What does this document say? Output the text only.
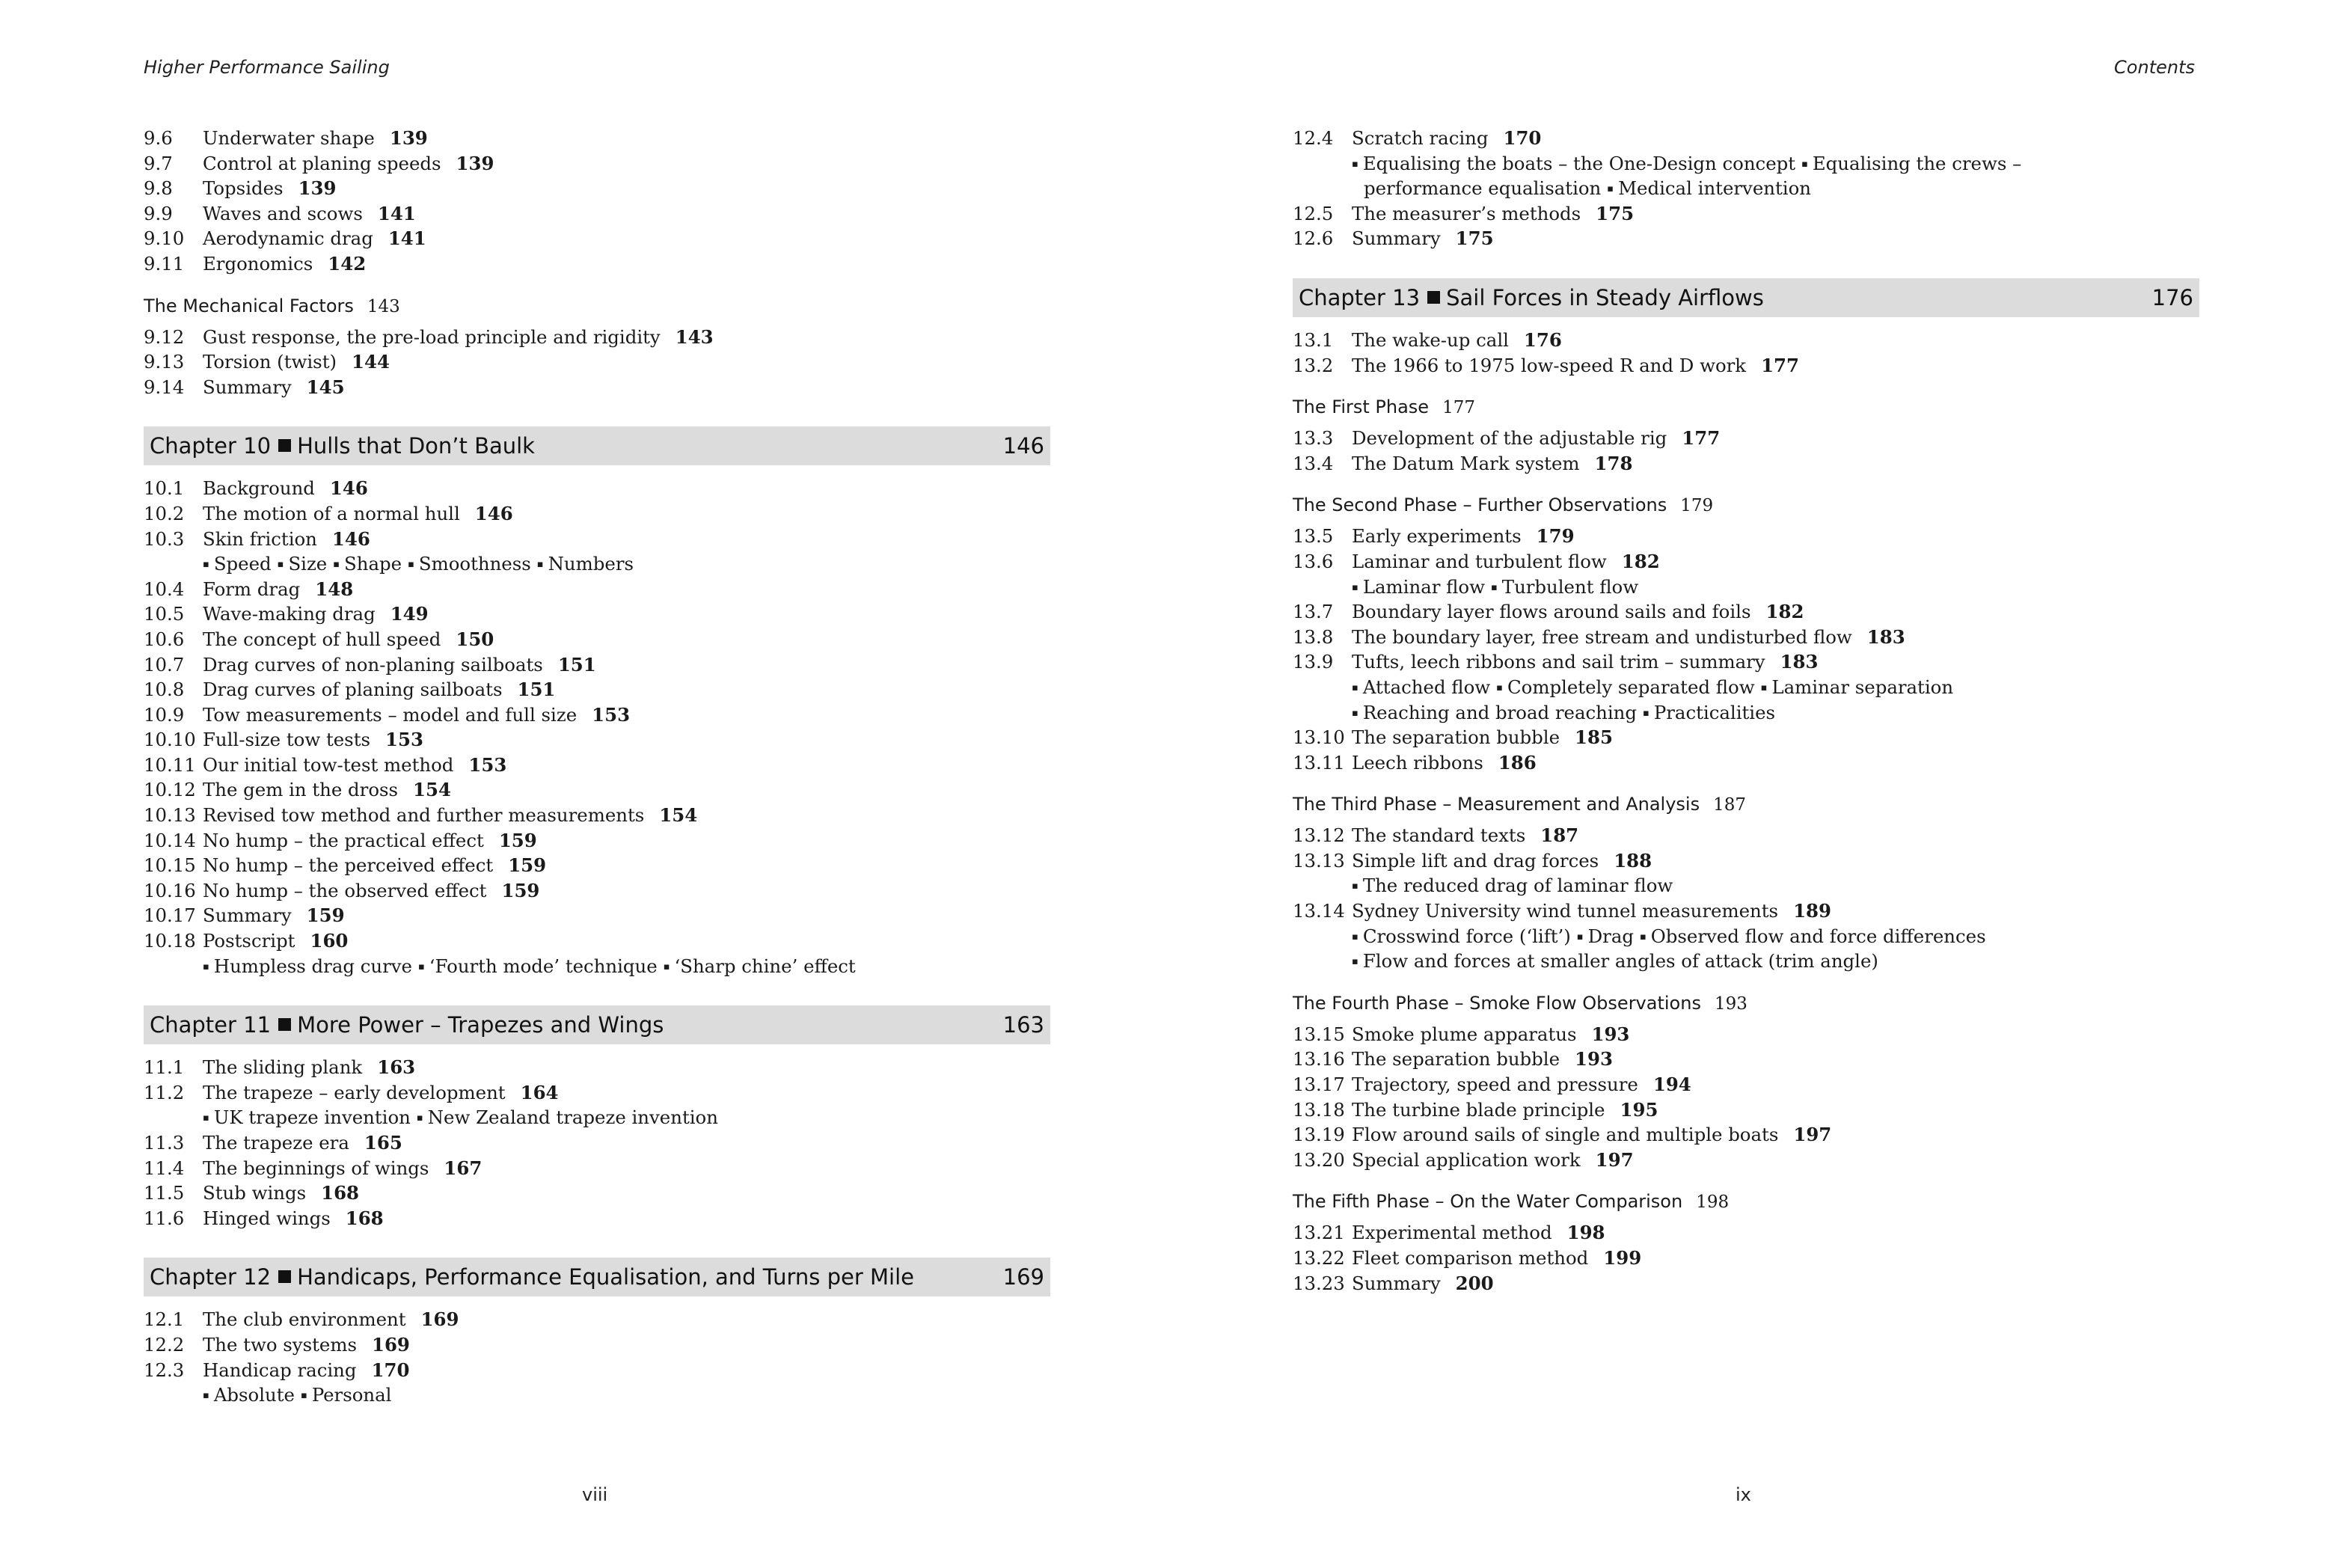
Higher Performance Sailing
9.6	Underwater shape 139
9.7	Control at planing speeds 139
9.8	Topsides 139
9.9	Waves and scows 141
9.10	Aerodynamic drag 141
9.11	Ergonomics 142
The Mechanical Factors 143
9.12	Gust response, the pre-load principle and rigidity 143
9.13	Torsion (twist) 144
9.14	Summary 145
Chapter 10 Hulls that Don’t Baulk	146
10.1	Background 146
10.2	The motion of a normal hull 146
10.3	Skin friction 146
▪ Speed ▪ Size ▪ Shape ▪ Smoothness ▪ Numbers
10.4	Form drag 148
10.5	Wave-making drag 149
10.6	The concept of hull speed 150
10.7	Drag curves of non-planing sailboats 151
10.8	Drag curves of planing sailboats 151
10.9	Tow measurements – model and full size 153
10.10 Full-size tow tests 153
10.11 Our initial tow-test method 153
10.12 The gem in the dross 154
10.13 Revised tow method and further measurements 154
10.14 No hump – the practical effect 159
10.15 No hump – the perceived effect 159
10.16 No hump – the observed effect 159
10.17 Summary 159
10.18 Postscript 160
▪ Humpless drag curve ▪ ‘Fourth mode’ technique ▪ ‘Sharp chine’ effect
Chapter 11 More Power – Trapezes and Wings	163
11.1	The sliding plank 163
11.2	The trapeze – early development 164
▪ UK trapeze invention ▪ New Zealand trapeze invention
11.3	The trapeze era 165
11.4	The beginnings of wings 167
11.5	Stub wings 168
11.6	Hinged wings 168
Chapter 12 Handicaps, Performance Equalisation, and Turns per Mile	169
12.1	The club environment 169
12.2	The two systems 169
12.3	Handicap racing 170
▪ Absolute ▪ Personal
viii
Contents
12.4	Scratch racing 170
▪ Equalising the boats – the One-Design concept ▪ Equalising the crews –
performance equalisation ▪ Medical intervention
12.5	The measurer’s methods 175
12.6	Summary 175
Chapter 13 Sail Forces in Steady Airflows	176
13.1	The wake-up call 176
13.2	The 1966 to 1975 low-speed R and D work 177
The First Phase 177
13.3	Development of the adjustable rig 177
13.4	The Datum Mark system 178
The Second Phase – Further Observations 179
13.5	Early experiments 179
13.6	Laminar and turbulent flow 182
▪ Laminar flow ▪ Turbulent flow
13.7	Boundary layer flows around sails and foils 182
13.8	The boundary layer, free stream and undisturbed flow 183
13.9	Tufts, leech ribbons and sail trim – summary 183
▪ Attached flow ▪ Completely separated flow ▪ Laminar separation
▪ Reaching and broad reaching ▪ Practicalities
13.10 The separation bubble 185
13.11 Leech ribbons 186
The Third Phase – Measurement and Analysis 187
13.12 The standard texts 187
13.13 Simple lift and drag forces 188
▪ The reduced drag of laminar flow
13.14 Sydney University wind tunnel measurements 189
▪ Crosswind force (‘lift’) ▪ Drag ▪ Observed flow and force differences
▪ Flow and forces at smaller angles of attack (trim angle)
The Fourth Phase – Smoke Flow Observations 193
13.15 Smoke plume apparatus 193
13.16 The separation bubble 193
13.17 Trajectory, speed and pressure 194
13.18 The turbine blade principle 195
13.19 Flow around sails of single and multiple boats 197
13.20 Special application work 197
The Fifth Phase – On the Water Comparison 198
13.21 Experimental method 198
13.22 Fleet comparison method 199
13.23 Summary 200
ix
